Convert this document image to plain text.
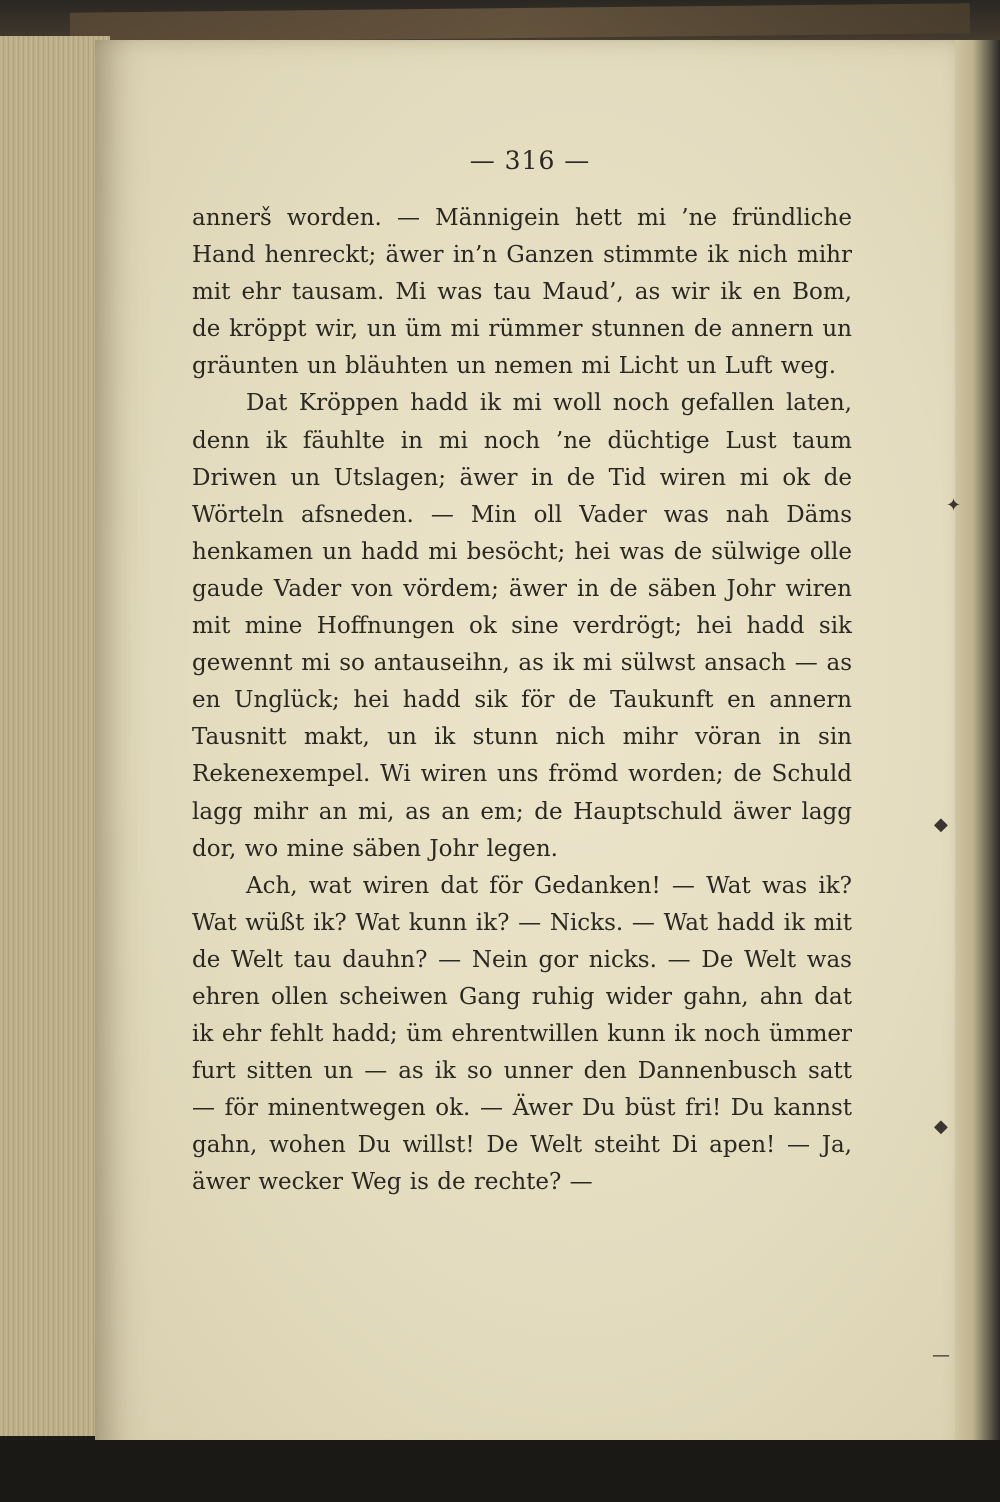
✦
◆
◆
—
— 316 —

annerš worden. — Männigein hett mi ’ne fründliche Hand henreckt; äwer in’n Ganzen stimmte ik nich mihr mit ehr tausam. Mi was tau Maud’, as wir ik en Bom, de kröppt wir, un üm mi rümmer stunnen de annern un gräunten un bläuhten un nemen mi Licht un Luft weg.

Dat Kröppen hadd ik mi woll noch gefallen laten, denn ik fäuhlte in mi noch ’ne düchtige Lust taum Driwen un Utslagen; äwer in de Tid wiren mi ok de Wörteln afsneden. — Min oll Vader was nah Däms henkamen un hadd mi besöcht; hei was de sülwige olle gaude Vader von vördem; äwer in de säben Johr wiren mit mine Hoffnungen ok sine verdrögt; hei hadd sik gewennt mi so antauseihn, as ik mi sülwst ansach — as en Unglück; hei hadd sik för de Taukunft en annern Tausnitt makt, un ik stunn nich mihr vöran in sin Rekenexempel. Wi wiren uns frömd worden; de Schuld lagg mihr an mi, as an em; de Hauptschuld äwer lagg dor, wo mine säben Johr legen.

Ach, wat wiren dat för Gedanken! — Wat was ik? Wat wüßt ik? Wat kunn ik? — Nicks. — Wat hadd ik mit de Welt tau dauhn? — Nein gor nicks. — De Welt was ehren ollen scheiwen Gang ruhig wider gahn, ahn dat ik ehr fehlt hadd; üm ehrentwillen kunn ik noch ümmer furt sitten un — as ik so unner den Dannenbusch satt — för minentwegen ok. — Äwer Du büst fri! Du kannst gahn, wohen Du willst! De Welt steiht Di apen! — Ja, äwer wecker Weg is de rechte? —
